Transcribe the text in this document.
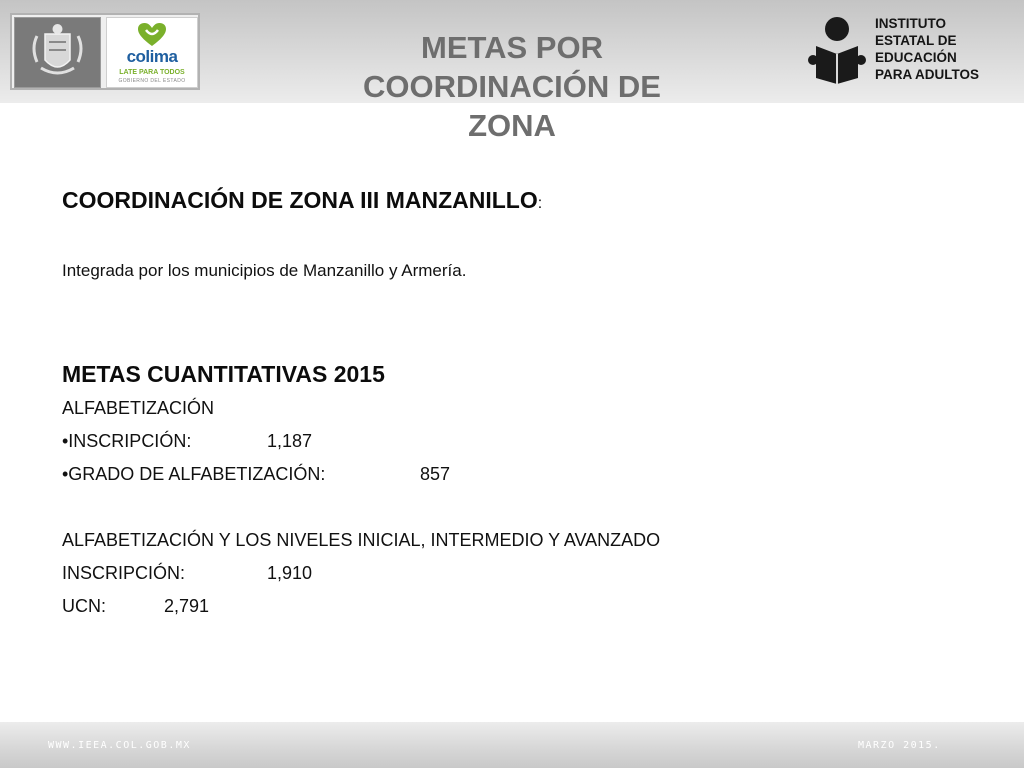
colima
LATE PARA TODOS
GOBIERNO DEL ESTADO
METAS POR
COORDINACIÓN DE
ZONA
INSTITUTO
ESTATAL DE
EDUCACIÓN
PARA ADULTOS
COORDINACIÓN DE ZONA III MANZANILLO:
Integrada por los municipios de Manzanillo y Armería.
METAS CUANTITATIVAS 2015
ALFABETIZACIÓN
•INSCRIPCIÓN:	1,187
•GRADO DE ALFABETIZACIÓN:	857
ALFABETIZACIÓN Y LOS NIVELES INICIAL, INTERMEDIO Y AVANZADO
INSCRIPCIÓN:	1,910
UCN:	2,791
WWW.IEEA.COL.GOB.MX	MARZO 2015.
